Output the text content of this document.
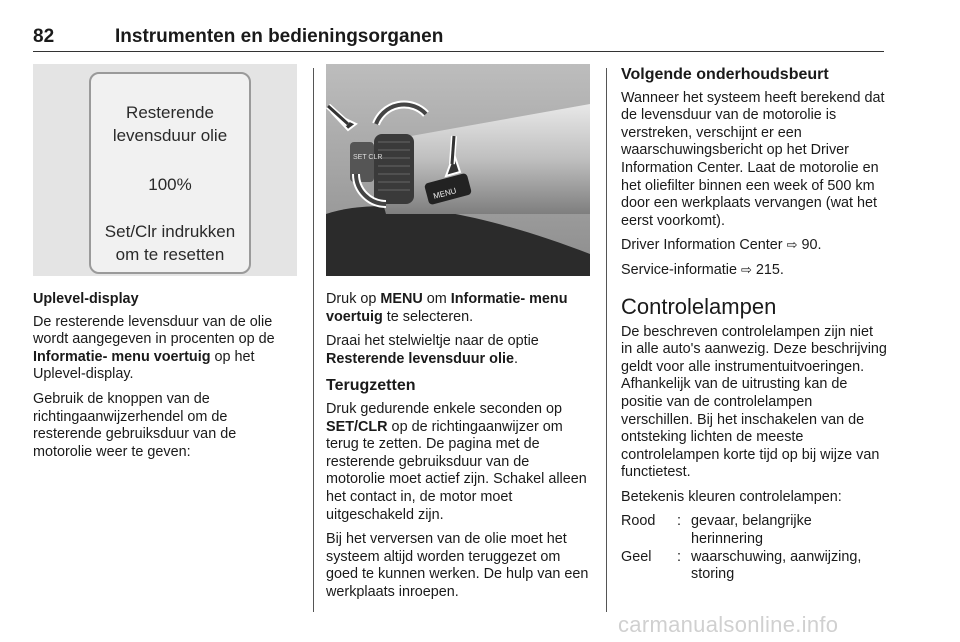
82	Instrumenten en bedieningsorganen
Resterende
levensduur olie
100%
Set/Clr indrukken
om te resetten
SET CLR
MENU
Uplevel-display

De resterende levensduur van de olie wordt aangegeven in procenten op de Informatie- menu voertuig op het Uplevel-display.

Gebruik de knoppen van de richtingaanwijzerhendel om de resterende gebruiksduur van de motorolie weer te geven:

Druk op MENU om Informatie- menu voertuig te selecteren.

Draai het stelwieltje naar de optie Resterende levensduur olie.

Terugzetten

Druk gedurende enkele seconden op SET/CLR op de richtingaanwijzer om terug te zetten. De pagina met de resterende gebruiksduur van de motorolie moet actief zijn. Schakel alleen het contact in, de motor moet uitgeschakeld zijn.

Bij het verversen van de olie moet het systeem altijd worden teruggezet om goed te kunnen werken. De hulp van een werkplaats inroepen.

Volgende onderhoudsbeurt

Wanneer het systeem heeft berekend dat de levensduur van de motorolie is verstreken, verschijnt er een waarschuwingsbericht op het Driver Information Center. Laat de motorolie en het oliefilter binnen een week of 500 km door een werkplaats vervangen (wat het eerst voorkomt).

Driver Information Center ⇨ 90.

Service-informatie ⇨ 215.

Controlelampen

De beschreven controlelampen zijn niet in alle auto's aanwezig. Deze beschrijving geldt voor alle instrumentuitvoeringen. Afhankelijk van de uitrusting kan de positie van de controlelampen verschillen. Bij het inschakelen van de ontsteking lichten de meeste controlelampen korte tijd op bij wijze van functietest.

Betekenis kleuren controlelampen:

Rood	: gevaar, belangrijke herinnering
Geel	: waarschuwing, aanwijzing, storing
carmanualsonline.info
